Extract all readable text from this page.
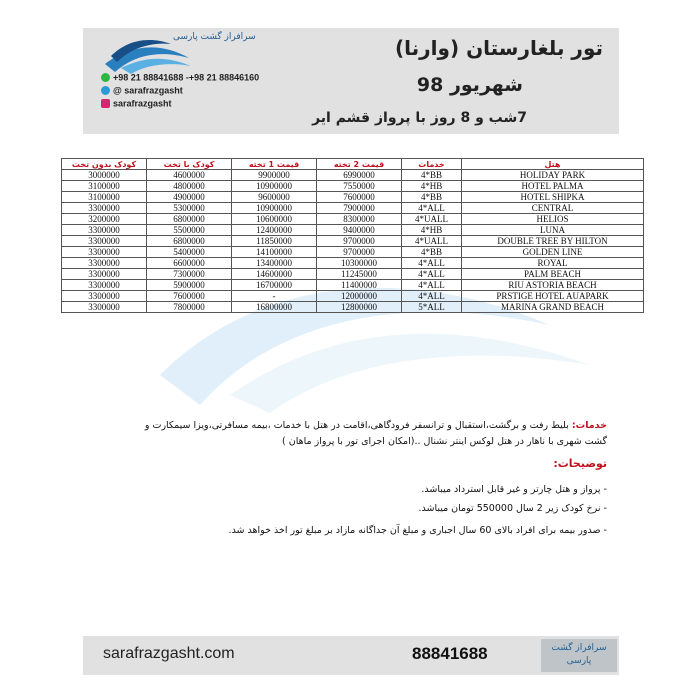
سرافراز گشت پارسی
+98 21 88841688 -+98 21 88846160
@ sarafrazgasht
sarafrazgasht
تور بلغارستان (وارنا)
شهریور 98
7شب و 8 روز با پرواز قشم ایر
کودک بدون تخت	کودک با تخت	قیمت 1 تخته	قیمت 2 تخته	خدمات	هتل
3000000	4600000	9900000	6990000	4*BB	HOLIDAY PARK
3100000	4800000	10900000	7550000	4*HB	HOTEL PALMA
3100000	4900000	9600000	7600000	4*BB	HOTEL SHIPKA
3300000	5300000	10900000	7900000	4*ALL	CENTRAL
3200000	6800000	10600000	8300000	4*UALL	HELIOS
3300000	5500000	12400000	9400000	4*HB	LUNA
3300000	6800000	11850000	9700000	4*UALL	DOUBLE TREE BY HILTON
3300000	5400000	14100000	9700000	4*BB	GOLDEN LINE
3300000	6600000	13400000	10300000	4*ALL	ROYAL
3300000	7300000	14600000	11245000	4*ALL	PALM BEACH
3300000	5900000	16700000	11400000	4*ALL	RIU ASTORIA BEACH
3300000	7600000	-	12000000	4*ALL	PRSTIGE HOTEL AUAPARK
3300000	7800000	16800000	12800000	5*ALL	MARINA GRAND BEACH
خدمات: بلیط رفت و برگشت،استقبال و ترانسفر فرودگاهی،اقامت در هتل با خدمات ،بیمه مسافرتی،ویزا سیمکارت و
گشت شهری با ناهار در هتل لوکس اینتر نشنال ..(امکان اجرای تور با پرواز ماهان )
توضیحات:
- پرواز و هتل چارتر و غیر قابل استرداد میباشد.
- نرخ کودک زیر 2 سال 550000 تومان میباشد.
- صدور بیمه برای افراد بالای 60 سال اجباری و مبلغ آن جداگانه مازاد بر مبلغ تور اخذ خواهد شد.
sarafrazgasht.com	88841688	سرافراز گشت پارسی
